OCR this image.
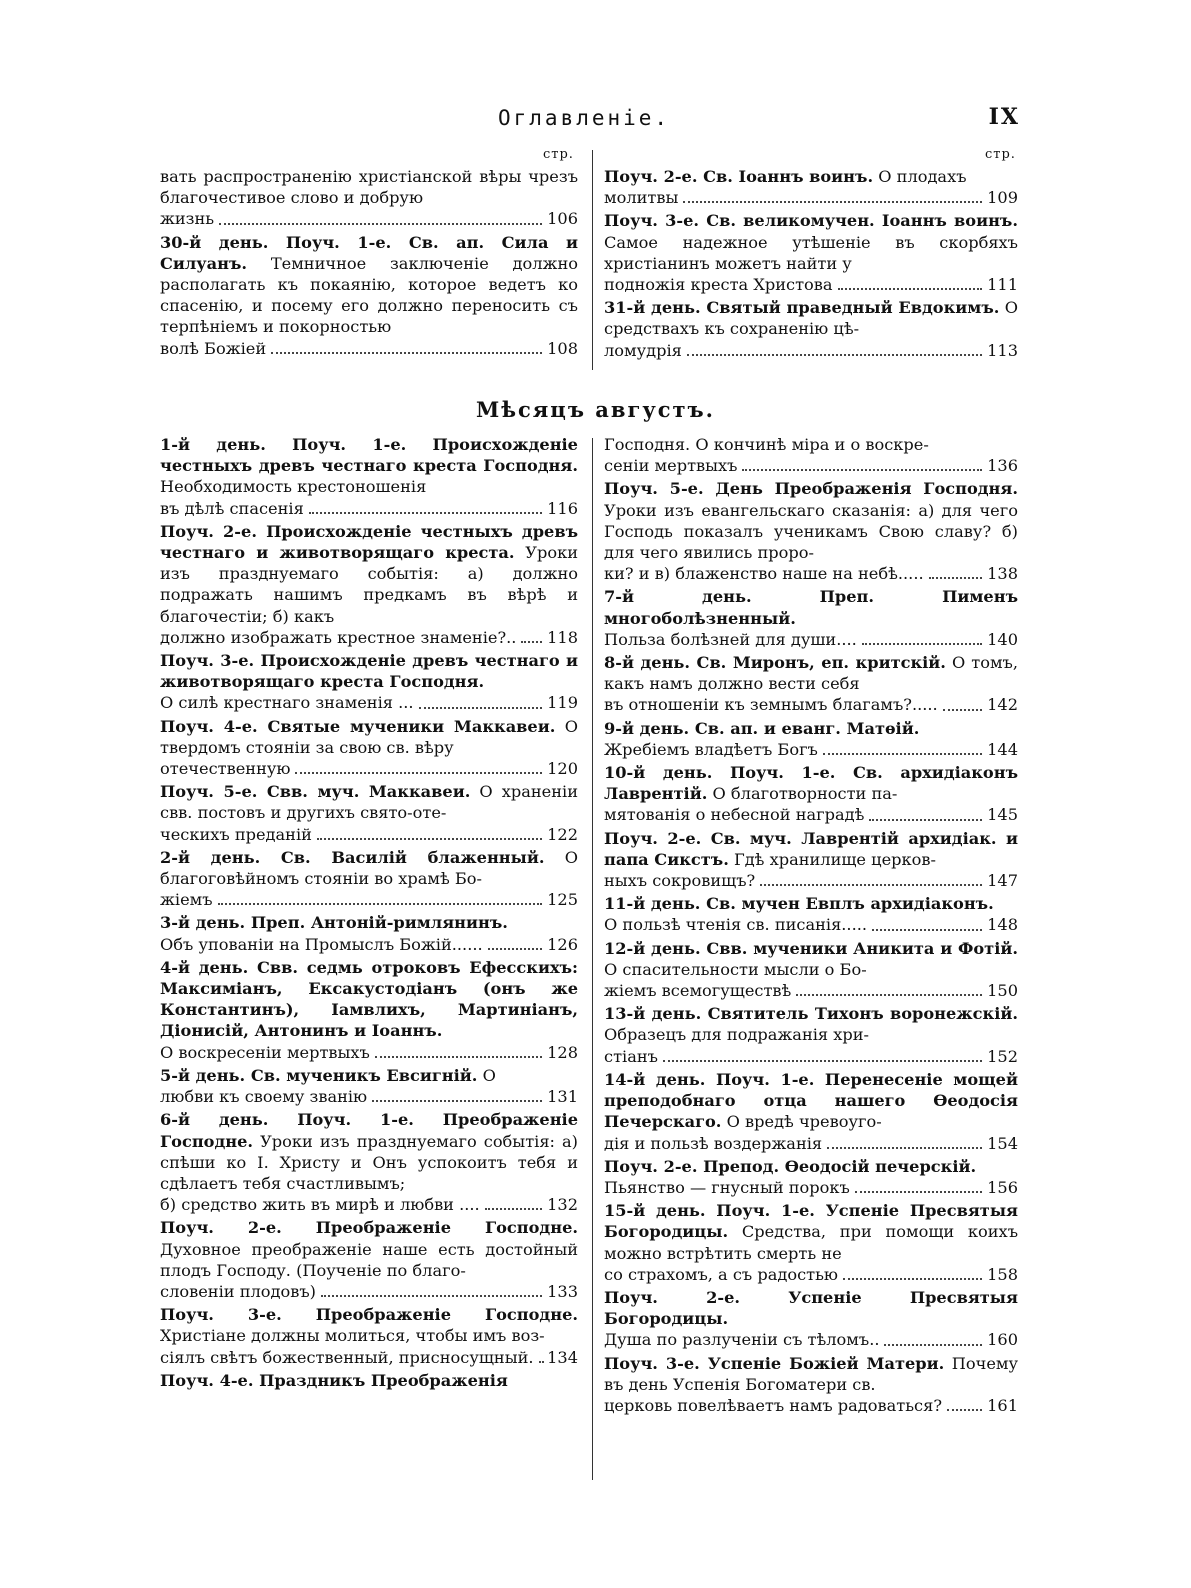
Оглавленіе.	IX
стр.	стр.
вать распространенію христіанской вѣры чрезъ благочестивое слово и добрую
жизнь	106
30-й день. Поуч. 1-е. Св. ап. Сила и Силуанъ. Темничное заключеніе должно располагать къ покаянію, которое ведетъ ко спасенію, и посему его должно переносить съ терпѣніемъ и покорностью
волѣ Божіей	108
Поуч. 2-е. Св. Іоаннъ воинъ. О плодахъ
молитвы	109
Поуч. 3-е. Св. великомучен. Іоаннъ воинъ. Самое надежное утѣшеніе въ скорбяхъ христіанинъ можетъ найти у
подножія креста Христова	111
31-й день. Святый праведный Евдокимъ. О средствахъ къ сохраненію цѣ-
ломудрія	113
Мѣсяцъ августъ.
1-й день. Поуч. 1-е. Происхожденіе честныхъ древъ честнаго креста Господня. Необходимость крестоношенія
въ дѣлѣ спасенія	116
Поуч. 2-е. Происхожденіе честныхъ древъ честнаго и животворящаго креста. Уроки изъ празднуемаго событія: а) должно подражать нашимъ предкамъ въ вѣрѣ и благочестіи; б) какъ
должно изображать крестное знаменіе?.. 118
Поуч. 3-е. Происхожденіе древъ честнаго и животворящаго креста Господня.
О силѣ крестнаго знаменія ...	119
Поуч. 4-е. Святые мученики Маккавеи. О твердомъ стояніи за свою св. вѣру
отечественную	120
Поуч. 5-е. Свв. муч. Маккавеи. О храненіи свв. постовъ и другихъ свято-оте-
ческихъ преданій	122
2-й день. Св. Василій блаженный. О благоговѣйномъ стояніи во храмѣ Бо-
жіемъ	125
3-й день. Преп. Антоній-римлянинъ.
Объ упованіи на Промыслъ Божій......	126
4-й день. Свв. седмь отроковъ Ефесскихъ: Максиміанъ, Ексакустодіанъ (онъ же Константинъ), Іамвлихъ, Мартиніанъ, Діонисій, Антонинъ и Іоаннъ.
О воскресеніи мертвыхъ	128
5-й день. Св. мученикъ Евсигній. О
любви къ своему званію	131
6-й день. Поуч. 1-е. Преображеніе Господне. Уроки изъ празднуемаго событія: а) спѣши ко І. Христу и Онъ успокоитъ тебя и сдѣлаетъ тебя счастливымъ;
б) средство жить въ мирѣ и любви ....	132
Поуч. 2-е. Преображеніе Господне. Духовное преображеніе наше есть достойный плодъ Господу. (Поученіе по благо-
словеніи плодовъ)	133
Поуч. 3-е. Преображеніе Господне. Христіане должны молиться, чтобы имъ воз-
сіялъ свѣтъ божественный, присносущный. 134
Поуч. 4-е. Праздникъ Преображенія
Господня. О кончинѣ міра и о воскре-
сеніи мертвыхъ	136
Поуч. 5-е. День Преображенія Господня. Уроки изъ евангельскаго сказанія: а) для чего Господь показалъ ученикамъ Свою славу? б) для чего явились проро-
ки? и в) блаженство наше на небѣ.....	138
7-й день. Преп. Пименъ многоболѣзненный.
Польза болѣзней для души....	140
8-й день. Св. Миронъ, еп. критскій. О томъ, какъ намъ должно вести себя
въ отношеніи къ земнымъ благамъ?.....	142
9-й день. Св. ап. и еванг. Матѳій.
Жребіемъ владѣетъ Богъ	144
10-й день. Поуч. 1-е. Св. архидіаконъ Лаврентій. О благотворности па-
мятованія о небесной наградѣ	145
Поуч. 2-е. Св. муч. Лаврентій архидіак. и папа Сикстъ. Гдѣ хранилище церков-
ныхъ сокровищъ?	147
11-й день. Св. мучен Евплъ архидіаконъ.
О пользѣ чтенія св. писанія.....	148
12-й день. Свв. мученики Аникита и Фотій. О спасительности мысли о Бо-
жіемъ всемогуществѣ	150
13-й день. Святитель Тихонъ воронежскій. Образецъ для подражанія хри-
стіанъ	152
14-й день. Поуч. 1-е. Перенесеніе мощей преподобнаго отца нашего Ѳеодосія Печерскаго. О вредѣ чревоуго-
дія и пользѣ воздержанія	154
Поуч. 2-е. Препод. Ѳеодосій печерскій.
Пьянство — гнусный порокъ	156
15-й день. Поуч. 1-е. Успеніе Пресвятыя Богородицы. Средства, при помощи коихъ можно встрѣтить смерть не
со страхомъ, а съ радостью	158
Поуч. 2-е. Успеніе Пресвятыя Богородицы.
Душа по разлученіи съ тѣломъ..	160
Поуч. 3-е. Успеніе Божіей Матери. Почему въ день Успенія Богоматери св.
церковь повелѣваетъ намъ радоваться?	161
